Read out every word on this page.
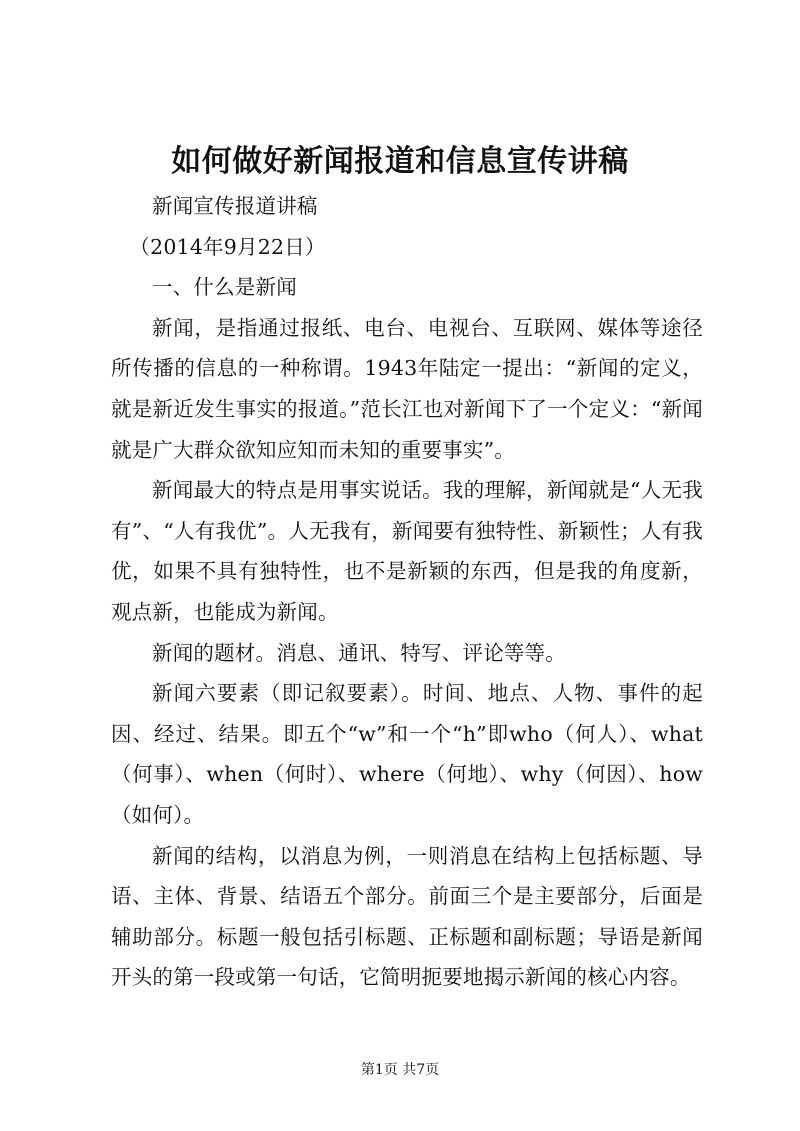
如何做好新闻报道和信息宣传讲稿

新闻宣传报道讲稿

（2014年9月22日）

一、什么是新闻

新闻，是指通过报纸、电台、电视台、互联网、媒体等途径所传播的信息的一种称谓。1943年陆定一提出：“新闻的定义，就是新近发生事实的报道。”范长江也对新闻下了一个定义：“新闻就是广大群众欲知应知而未知的重要事实”。

新闻最大的特点是用事实说话。我的理解，新闻就是“人无我有”、“人有我优”。人无我有，新闻要有独特性、新颖性；人有我优，如果不具有独特性，也不是新颖的东西，但是我的角度新，观点新，也能成为新闻。

新闻的题材。消息、通讯、特写、评论等等。

新闻六要素（即记叙要素）。时间、地点、人物、事件的起因、经过、结果。即五个“w”和一个“h”即who（何人）、what（何事）、when（何时）、where（何地）、why（何因）、how（如何）。

新闻的结构，以消息为例，一则消息在结构上包括标题、导语、主体、背景、结语五个部分。前面三个是主要部分，后面是辅助部分。标题一般包括引标题、正标题和副标题；导语是新闻开头的第一段或第一句话，它简明扼要地揭示新闻的核心内容。

第1页 共7页
